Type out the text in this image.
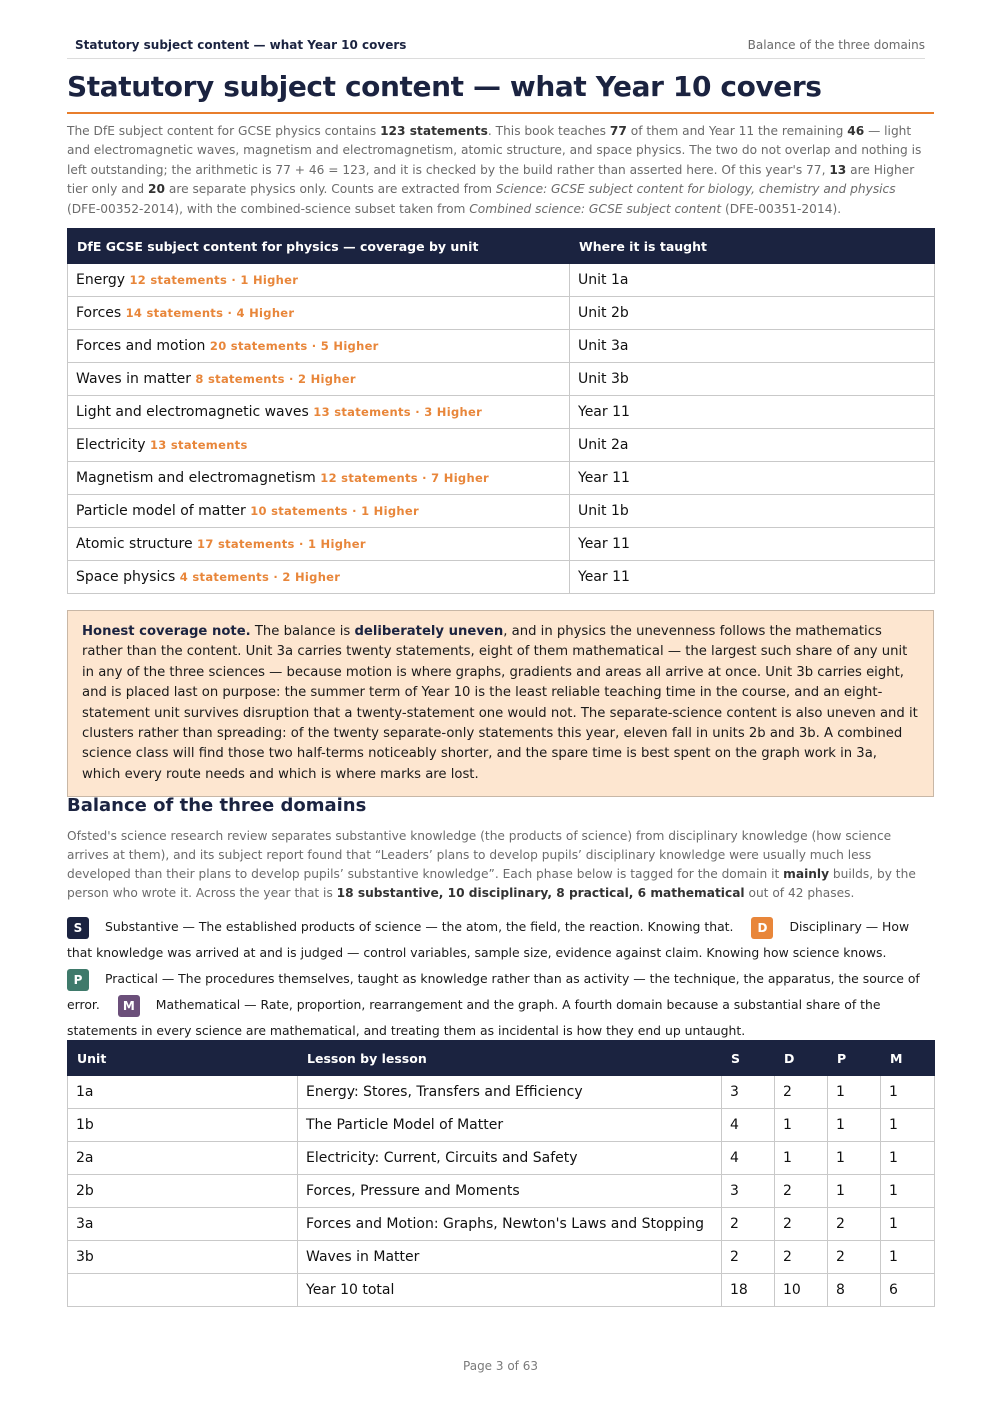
Statutory subject content — what Year 10 covers	Balance of the three domains
Statutory subject content — what Year 10 covers

The DfE subject content for GCSE physics contains 123 statements. This book teaches 77 of them and Year 11 the remaining 46 — light and electromagnetic waves, magnetism and electromagnetism, atomic structure, and space physics. The two do not overlap and nothing is left outstanding; the arithmetic is 77 + 46 = 123, and it is checked by the build rather than asserted here. Of this year's 77, 13 are Higher tier only and 20 are separate physics only. Counts are extracted from Science: GCSE subject content for biology, chemistry and physics (DFE-00352-2014), with the combined-science subset taken from Combined science: GCSE subject content (DFE-00351-2014).

DfE GCSE subject content for physics — coverage by unit	Where it is taught
Energy 12 statements · 1 Higher	Unit 1a
Forces 14 statements · 4 Higher	Unit 2b
Forces and motion 20 statements · 5 Higher	Unit 3a
Waves in matter 8 statements · 2 Higher	Unit 3b
Light and electromagnetic waves 13 statements · 3 Higher	Year 11
Electricity 13 statements	Unit 2a
Magnetism and electromagnetism 12 statements · 7 Higher	Year 11
Particle model of matter 10 statements · 1 Higher	Unit 1b
Atomic structure 17 statements · 1 Higher	Year 11
Space physics 4 statements · 2 Higher	Year 11
Honest coverage note. The balance is deliberately uneven, and in physics the unevenness follows the mathematics rather than the content. Unit 3a carries twenty statements, eight of them mathematical — the largest such share of any unit in any of the three sciences — because motion is where graphs, gradients and areas all arrive at once. Unit 3b carries eight, and is placed last on purpose: the summer term of Year 10 is the least reliable teaching time in the course, and an eight-statement unit survives disruption that a twenty-statement one would not. The separate-science content is also uneven and it clusters rather than spreading: of the twenty separate-only statements this year, eleven fall in units 2b and 3b. A combined science class will find those two half-terms noticeably shorter, and the spare time is best spent on the graph work in 3a, which every route needs and which is where marks are lost.
Balance of the three domains

Ofsted's science research review separates substantive knowledge (the products of science) from disciplinary knowledge (how science arrives at them), and its subject report found that “Leaders’ plans to develop pupils’ disciplinary knowledge were usually much less developed than their plans to develop pupils’ substantive knowledge”. Each phase below is tagged for the domain it mainly builds, by the person who wrote it. Across the year that is 18 substantive, 10 disciplinary, 8 practical, 6 mathematical out of 42 phases.

S Substantive — The established products of science — the atom, the field, the reaction. Knowing that. D Disciplinary — How that knowledge was arrived at and is judged — control variables, sample size, evidence against claim. Knowing how science knows.P Practical — The procedures themselves, taught as knowledge rather than as activity — the technique, the apparatus, the source of error. M Mathematical — Rate, proportion, rearrangement and the graph. A fourth domain because a substantial share of the statements in every science are mathematical, and treating them as incidental is how they end up untaught.

Unit	Lesson by lesson	S	D	P	M
1a	Energy: Stores, Transfers and Efficiency	3	2	1	1
1b	The Particle Model of Matter	4	1	1	1
2a	Electricity: Current, Circuits and Safety	4	1	1	1
2b	Forces, Pressure and Moments	3	2	1	1
3a	Forces and Motion: Graphs, Newton's Laws and Stopping	2	2	2	1
3b	Waves in Matter	2	2	2	1
	Year 10 total	18	10	8	6
Page 3 of 63
